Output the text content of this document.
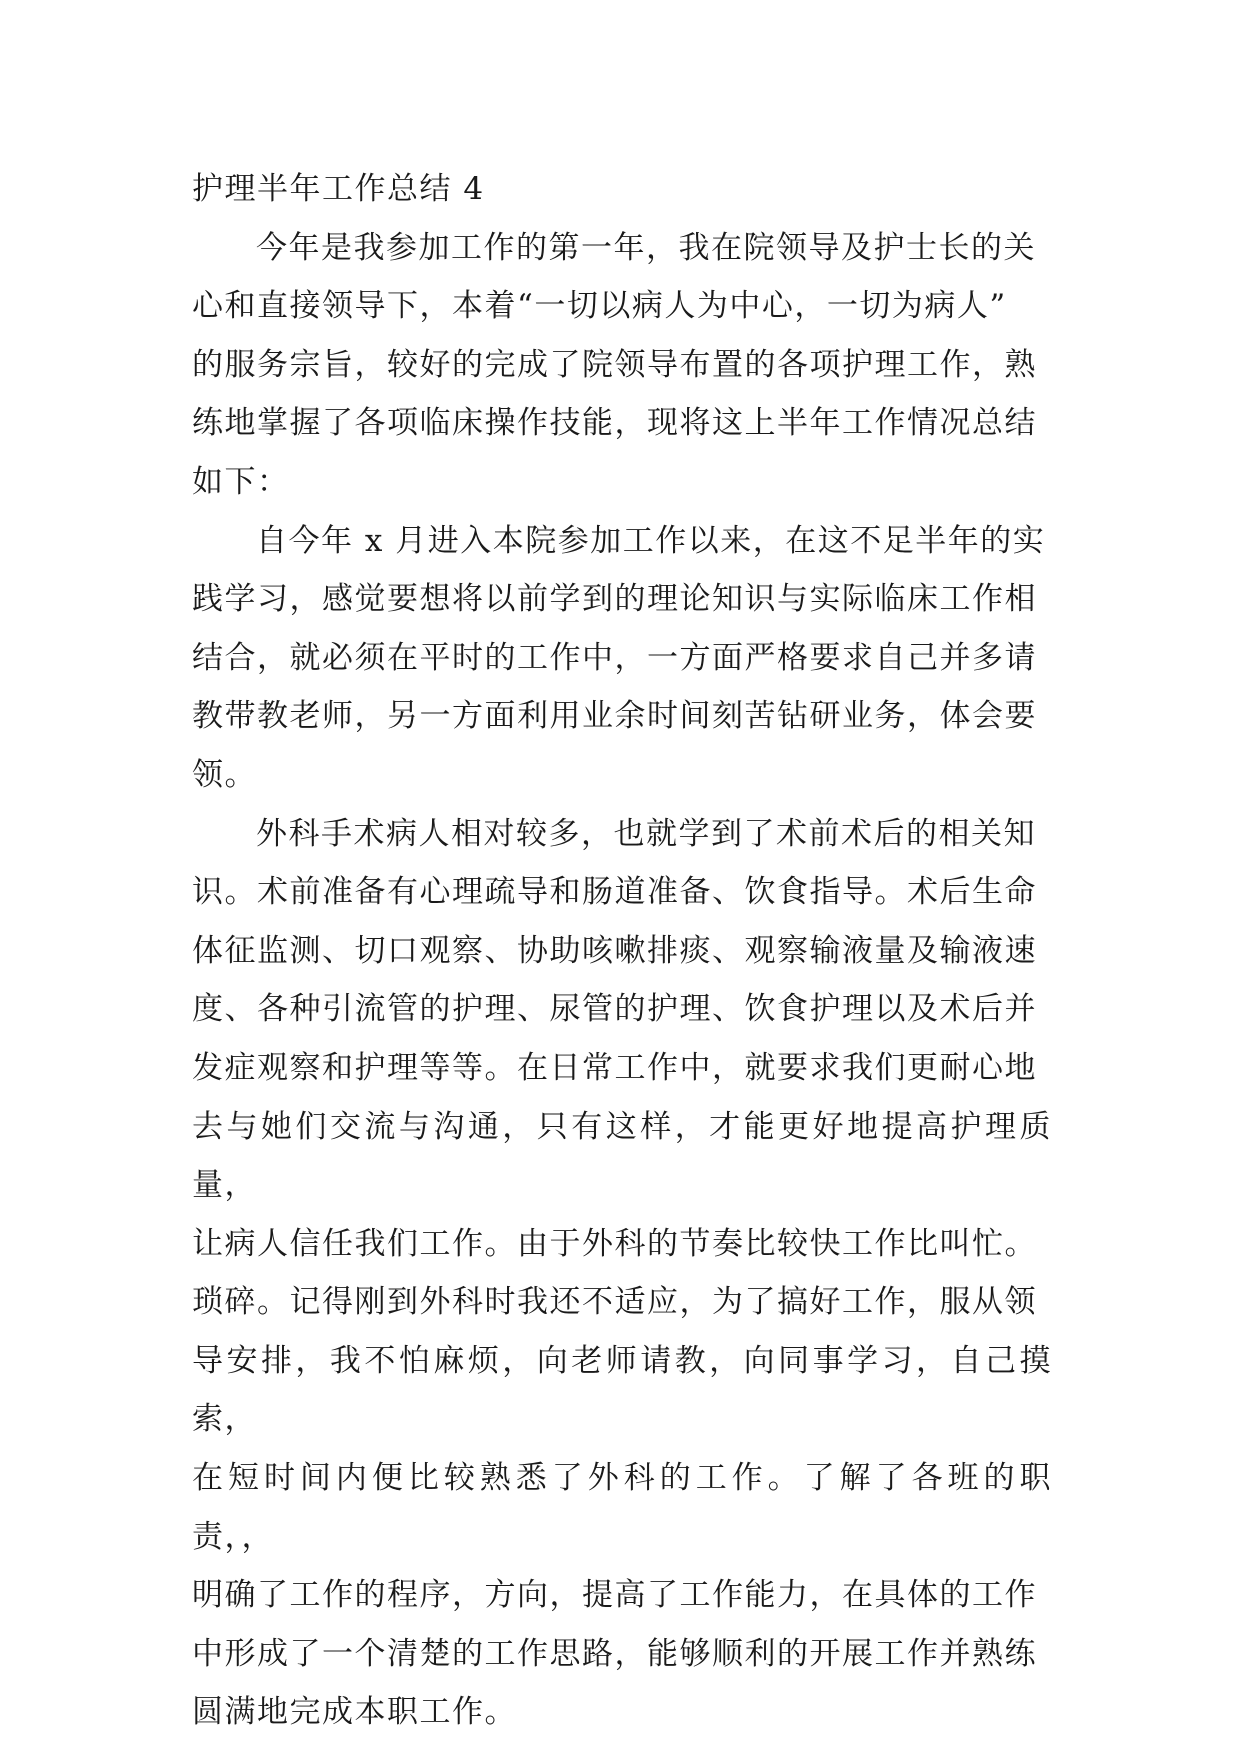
护理半年工作总结 4

今年是我参加工作的第一年，我在院领导及护士长的关
心和直接领导下，本着“一切以病人为中心，一切为病人”
的服务宗旨，较好的完成了院领导布置的各项护理工作，熟
练地掌握了各项临床操作技能，现将这上半年工作情况总结
如下：

自今年 x 月进入本院参加工作以来，在这不足半年的实
践学习，感觉要想将以前学到的理论知识与实际临床工作相
结合，就必须在平时的工作中，一方面严格要求自己并多请
教带教老师，另一方面利用业余时间刻苦钻研业务，体会要
领。

外科手术病人相对较多，也就学到了术前术后的相关知
识。术前准备有心理疏导和肠道准备、饮食指导。术后生命
体征监测、切口观察、协助咳嗽排痰、观察输液量及输液速
度、各种引流管的护理、尿管的护理、饮食护理以及术后并
发症观察和护理等等。在日常工作中，就要求我们更耐心地
去与她们交流与沟通，只有这样，才能更好地提高护理质量，
让病人信任我们工作。由于外科的节奏比较快工作比叫忙。
琐碎。记得刚到外科时我还不适应，为了搞好工作，服从领
导安排，我不怕麻烦，向老师请教，向同事学习，自己摸索，
在短时间内便比较熟悉了外科的工作。了解了各班的职责，，
明确了工作的程序，方向，提高了工作能力，在具体的工作
中形成了一个清楚的工作思路，能够顺利的开展工作并熟练
圆满地完成本职工作。
